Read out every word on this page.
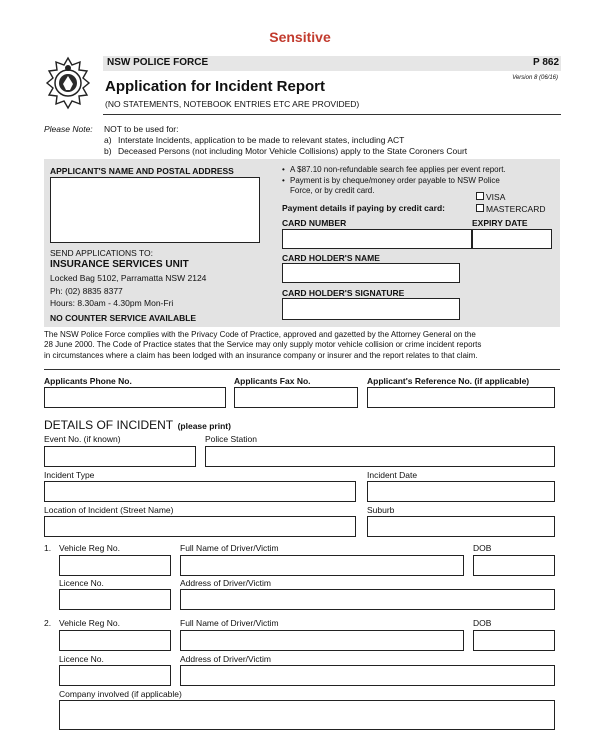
Sensitive
NSW POLICE FORCE	P 862
Version 8 (06/16)
Application for Incident Report
(NO STATEMENTS, NOTEBOOK ENTRIES ETC ARE PROVIDED)
Please Note: NOT to be used for:
a) Interstate Incidents, application to be made to relevant states, including ACT
b) Deceased Persons (not including Motor Vehicle Collisions) apply to the State Coroners Court
APPLICANT'S NAME AND POSTAL ADDRESS
SEND APPLICATIONS TO:
INSURANCE SERVICES UNIT
Locked Bag 5102, Parramatta NSW 2124
Ph: (02) 8835 8377
Hours: 8.30am - 4.30pm Mon-Fri
NO COUNTER SERVICE AVAILABLE
• A $87.10 non-refundable search fee applies per event report.
• Payment is by cheque/money order payable to NSW Police
Force, or by credit card.
Payment details if paying by credit card:
VISA
MASTERCARD
CARD NUMBER	EXPIRY DATE
CARD HOLDER'S NAME
CARD HOLDER'S SIGNATURE
The NSW Police Force complies with the Privacy Code of Practice, approved and gazetted by the Attorney General on the
28 June 2000. The Code of Practice states that the Service may only supply motor vehicle collision or crime incident reports
in circumstances where a claim has been lodged with an insurance company or insurer and the report relates to that claim.
Applicants Phone No.	Applicants Fax No.	Applicant's Reference No. (if applicable)
DETAILS OF INCIDENT (please print)
Event No. (if known)	Police Station
Incident Type	Incident Date
Location of Incident (Street Name)	Suburb
1. Vehicle Reg No.	Full Name of Driver/Victim	DOB
Licence No.	Address of Driver/Victim
2. Vehicle Reg No.	Full Name of Driver/Victim	DOB
Licence No.	Address of Driver/Victim
Company involved (if applicable)
